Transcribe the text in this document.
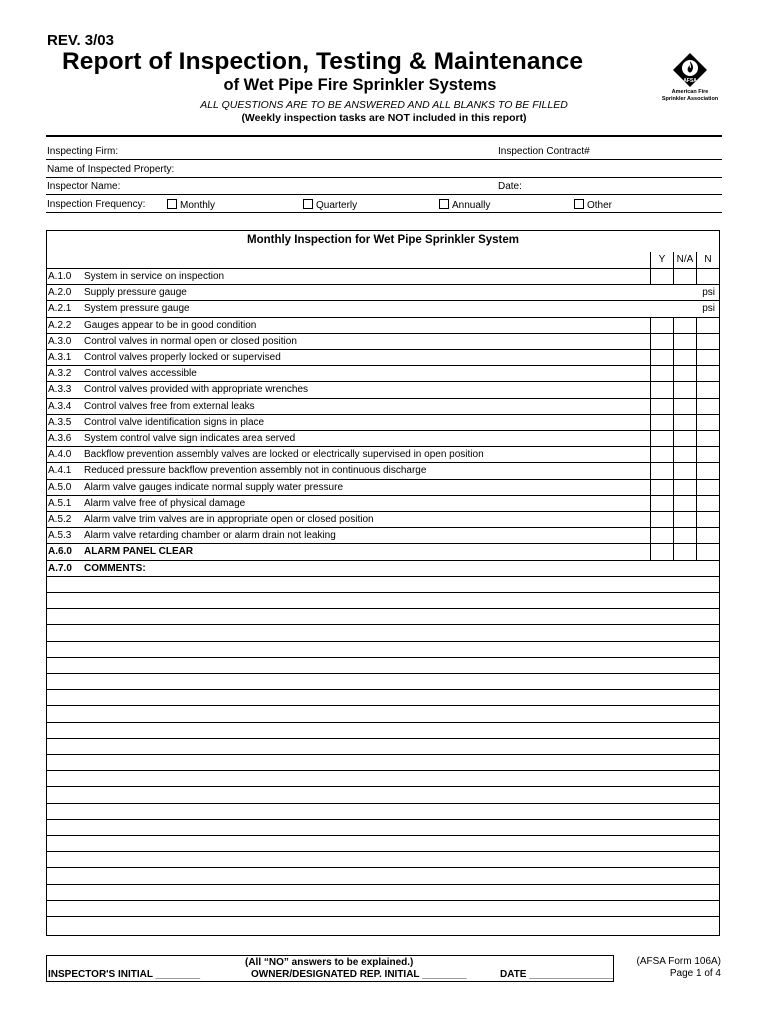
REV. 3/03
Report of Inspection, Testing & Maintenance
of Wet Pipe Fire Sprinkler Systems
ALL QUESTIONS ARE TO BE ANSWERED AND ALL BLANKS TO BE FILLED
(Weekly inspection tasks are NOT included in this report)
AFSA
American Fire
Sprinkler Association
Inspecting Firm:	Inspection Contract#
Name of Inspected Property:
Inspector Name:	Date:
Inspection Frequency:	Monthly	Quarterly	Annually	Other
Monthly Inspection for Wet Pipe Sprinkler System
Y	N/A	N
A.1.0 System in service on inspection
A.2.0 Supply pressure gauge	psi
A.2.1 System pressure gauge	psi
A.2.2 Gauges appear to be in good condition
A.3.0 Control valves in normal open or closed position
A.3.1 Control valves properly locked or supervised
A.3.2 Control valves accessible
A.3.3 Control valves provided with appropriate wrenches
A.3.4 Control valves free from external leaks
A.3.5 Control valve identification signs in place
A.3.6 System control valve sign indicates area served
A.4.0 Backflow prevention assembly valves are locked or electrically supervised in open position
A.4.1 Reduced pressure backflow prevention assembly not in continuous discharge
A.5.0 Alarm valve gauges indicate normal supply water pressure
A.5.1 Alarm valve free of physical damage
A.5.2 Alarm valve trim valves are in appropriate open or closed position
A.5.3 Alarm valve retarding chamber or alarm drain not leaking
A.6.0 ALARM PANEL CLEAR
A.7.0 COMMENTS:
(All “NO” answers to be explained.)
INSPECTOR'S INITIAL ________	OWNER/DESIGNATED REP. INITIAL ________	DATE _______________
(AFSA Form 106A)
Page 1 of 4
